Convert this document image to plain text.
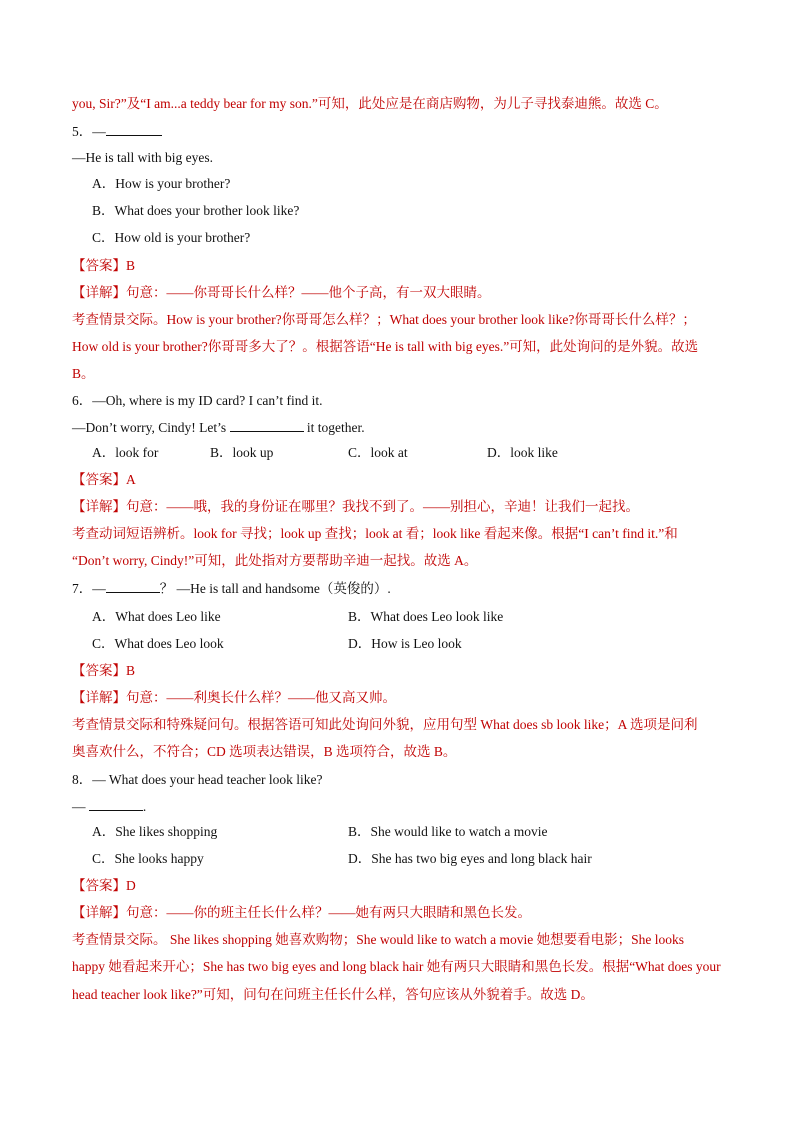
you, Sir?”及“I am...a teddy bear for my son.”可知，此处应是在商店购物，为儿子寻找泰迪熊。故选 C。
5．—
—He is tall with big eyes.
A．How is your brother?
B．What does your brother look like?
C．How old is your brother?
【答案】B
【详解】句意：——你哥哥长什么样？——他个子高，有一双大眼睛。
考查情景交际。How is your brother?你哥哥怎么样？；What does your brother look like?你哥哥长什么样？；
How old is your brother?你哥哥多大了？。根据答语“He is tall with big eyes.”可知，此处询问的是外貌。故选
B。
6．—Oh, where is my ID card? I can’t find it.
—Don’t worry, Cindy! Let’s	it together.
A．look for	B．look up	C．look at	D．look like
【答案】A
【详解】句意：——哦，我的身份证在哪里？我找不到了。——别担心，辛迪！让我们一起找。
考查动词短语辨析。look for 寻找；look up 查找；look at 看；look like 看起来像。根据“I can’t find it.”和
“Don’t worry, Cindy!”可知，此处指对方要帮助辛迪一起找。故选 A。
7．—	？ —He is tall and handsome（英俊的）.
A．What does Leo like	B．What does Leo look like
C．What does Leo look	D．How is Leo look
【答案】B
【详解】句意：——利奥长什么样？——他又高又帅。
考查情景交际和特殊疑问句。根据答语可知此处询问外貌，应用句型 What does sb look like；A 选项是问利
奥喜欢什么，不符合；CD 选项表达错误，B 选项符合，故选 B。
8．— What does your head teacher look like?
—	.
A．She likes shopping	B．She would like to watch a movie
C．She looks happy	D．She has two big eyes and long black hair
【答案】D
【详解】句意：——你的班主任长什么样？——她有两只大眼睛和黑色长发。
考查情景交际。 She likes shopping 她喜欢购物；She would like to watch a movie 她想要看电影；She looks
happy 她看起来开心；She has two big eyes and long black hair 她有两只大眼睛和黑色长发。根据“What does your
head teacher look like?”可知，问句在问班主任长什么样，答句应该从外貌着手。故选 D。
